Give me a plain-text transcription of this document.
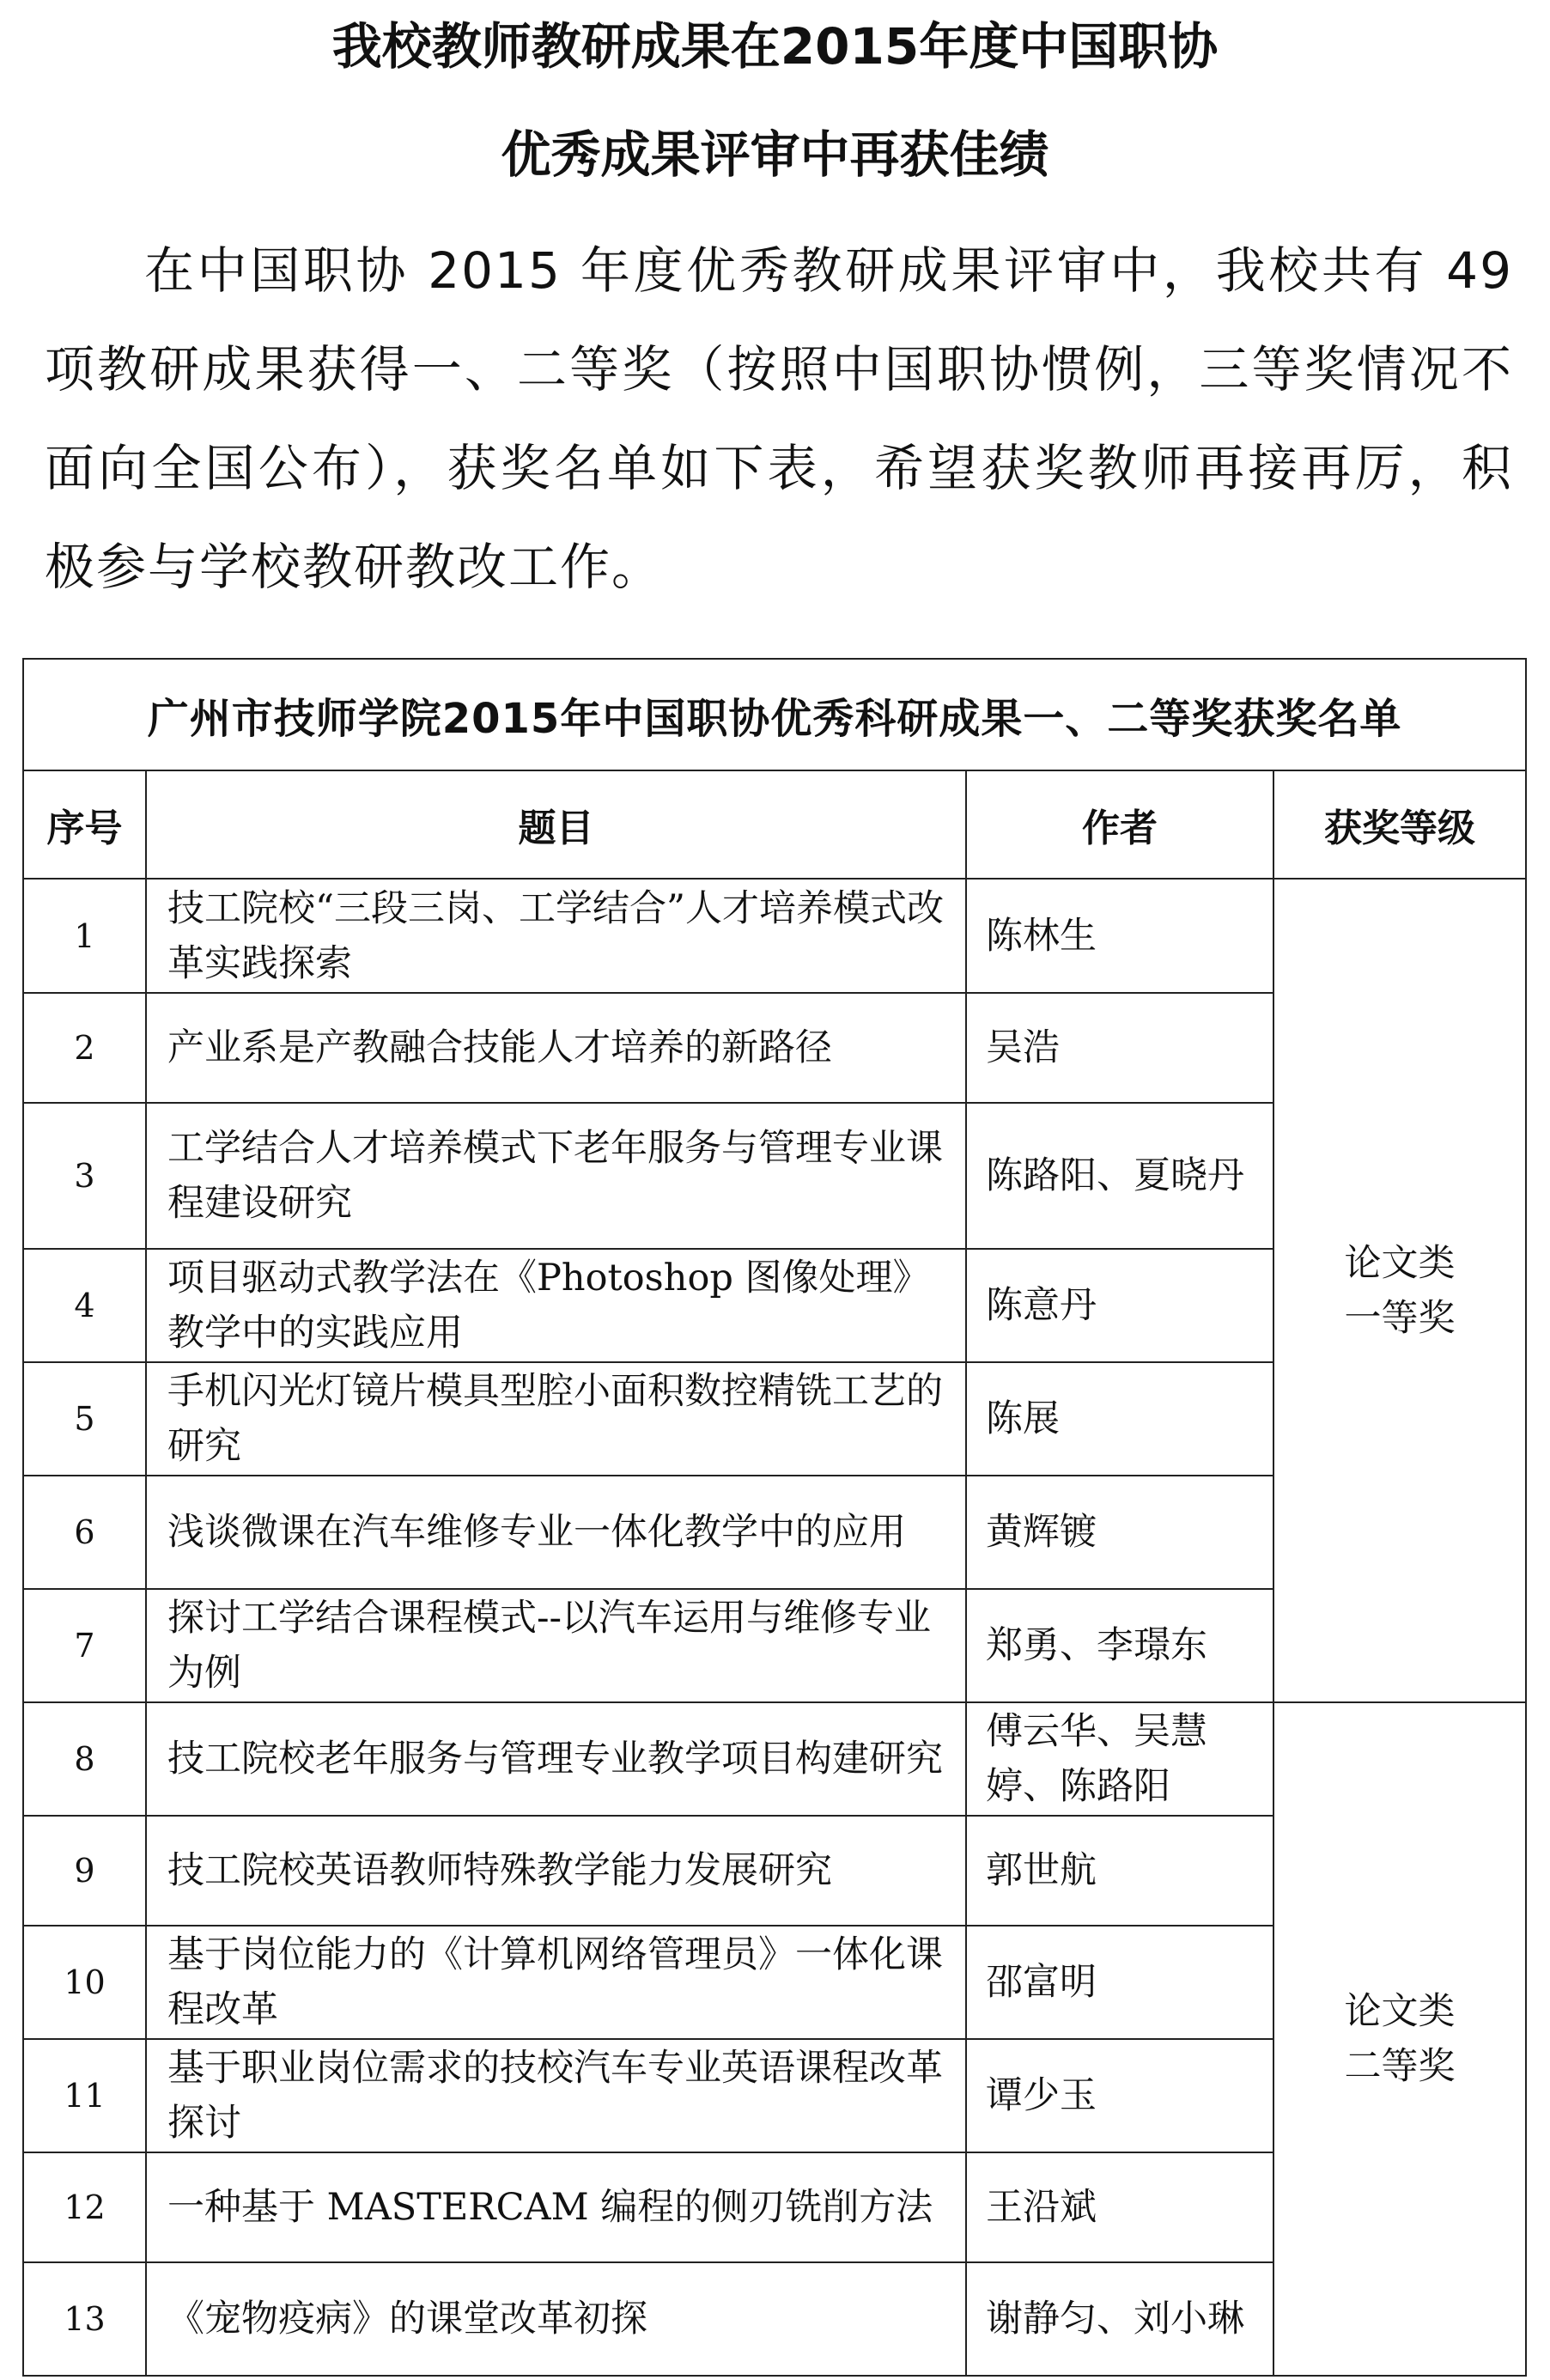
我校教师教研成果在2015年度中国职协
优秀成果评审中再获佳绩
在中国职协 2015 年度优秀教研成果评审中，我校共有 49 项教研成果获得一、二等奖（按照中国职协惯例，三等奖情况不面向全国公布），获奖名单如下表，希望获奖教师再接再厉，积极参与学校教研教改工作。
广州市技师学院2015年中国职协优秀科研成果一、二等奖获奖名单			
序号	题目	作者	获奖等级
1	技工院校“三段三岗、工学结合”人才培养模式改革实践探索	陈林生	论文类
一等奖

2	产业系是产教融合技能人才培养的新路径	吴浩	
3	工学结合人才培养模式下老年服务与管理专业课程建设研究	陈路阳、夏晓丹	
4	项目驱动式教学法在《Photoshop 图像处理》教学中的实践应用	陈意丹	
5	手机闪光灯镜片模具型腔小面积数控精铣工艺的研究	陈展	
6	浅谈微课在汽车维修专业一体化教学中的应用	黄辉镀	
7	探讨工学结合课程模式--以汽车运用与维修专业为例	郑勇、李璟东	
8	技工院校老年服务与管理专业教学项目构建研究	傅云华、吴慧婷、陈路阳	论文类
二等奖

9	技工院校英语教师特殊教学能力发展研究	郭世航	
10	基于岗位能力的《计算机网络管理员》一体化课程改革	邵富明	
11	基于职业岗位需求的技校汽车专业英语课程改革探讨	谭少玉	
12	一种基于 MASTERCAM 编程的侧刃铣削方法	王沿斌	
13	《宠物疫病》的课堂改革初探	谢静匀、刘小琳	
